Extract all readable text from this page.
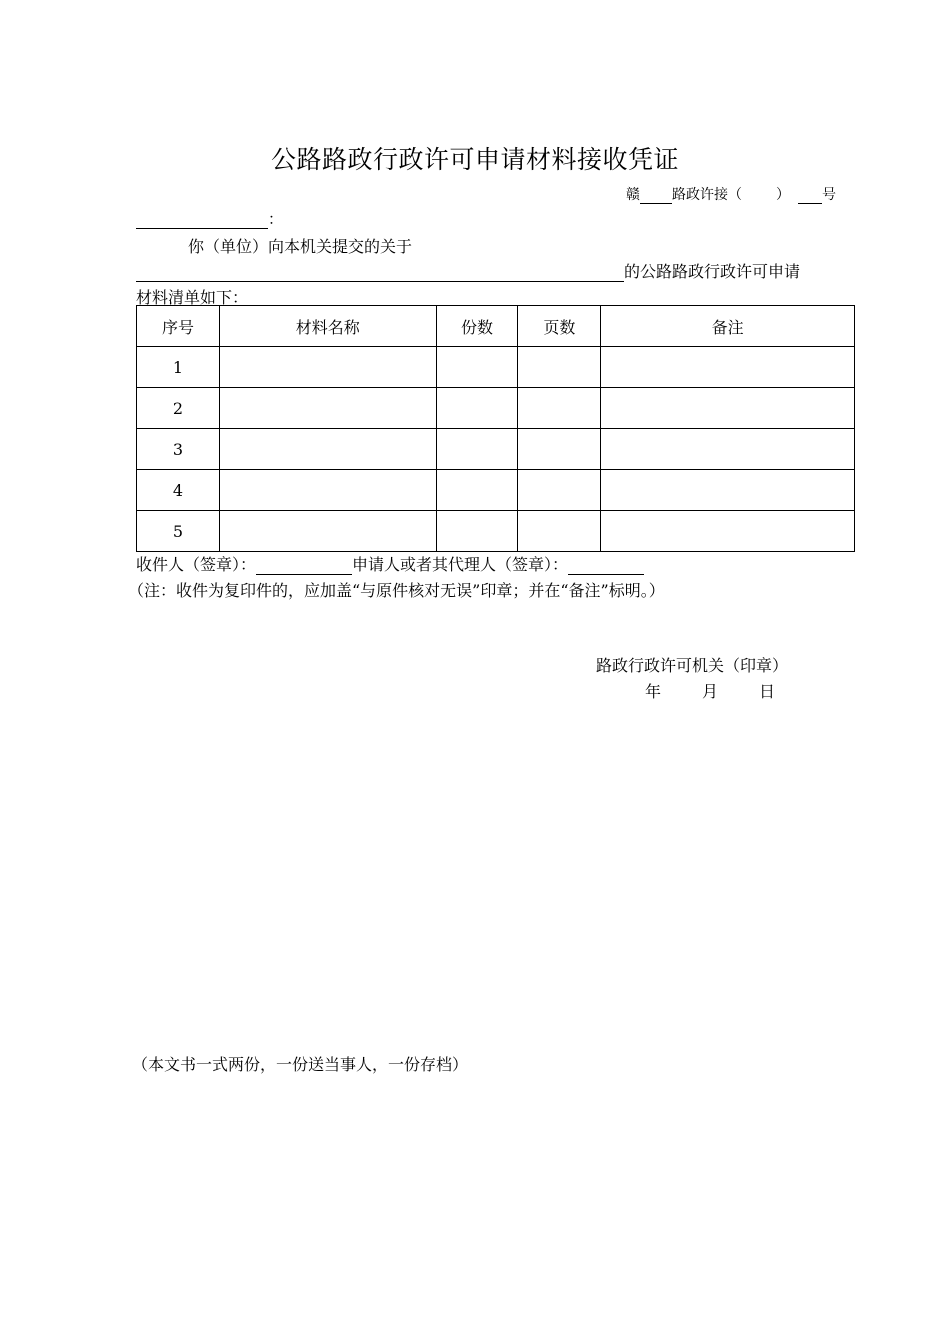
公路路政行政许可申请材料接收凭证
赣 路政许接（ ） 号
：
你（单位）向本机关提交的关于
的公路路政行政许可申请
材料清单如下：
序号	材料名称	份数	页数	备注
1				
2				
3				
4				
5				
收件人（签章）：	申请人或者其代理人（签章）：
（注：收件为复印件的，应加盖“与原件核对无误”印章；并在“备注”标明。）
路政行政许可机关（印章）
年	月	日
（本文书一式两份，一份送当事人，一份存档）
